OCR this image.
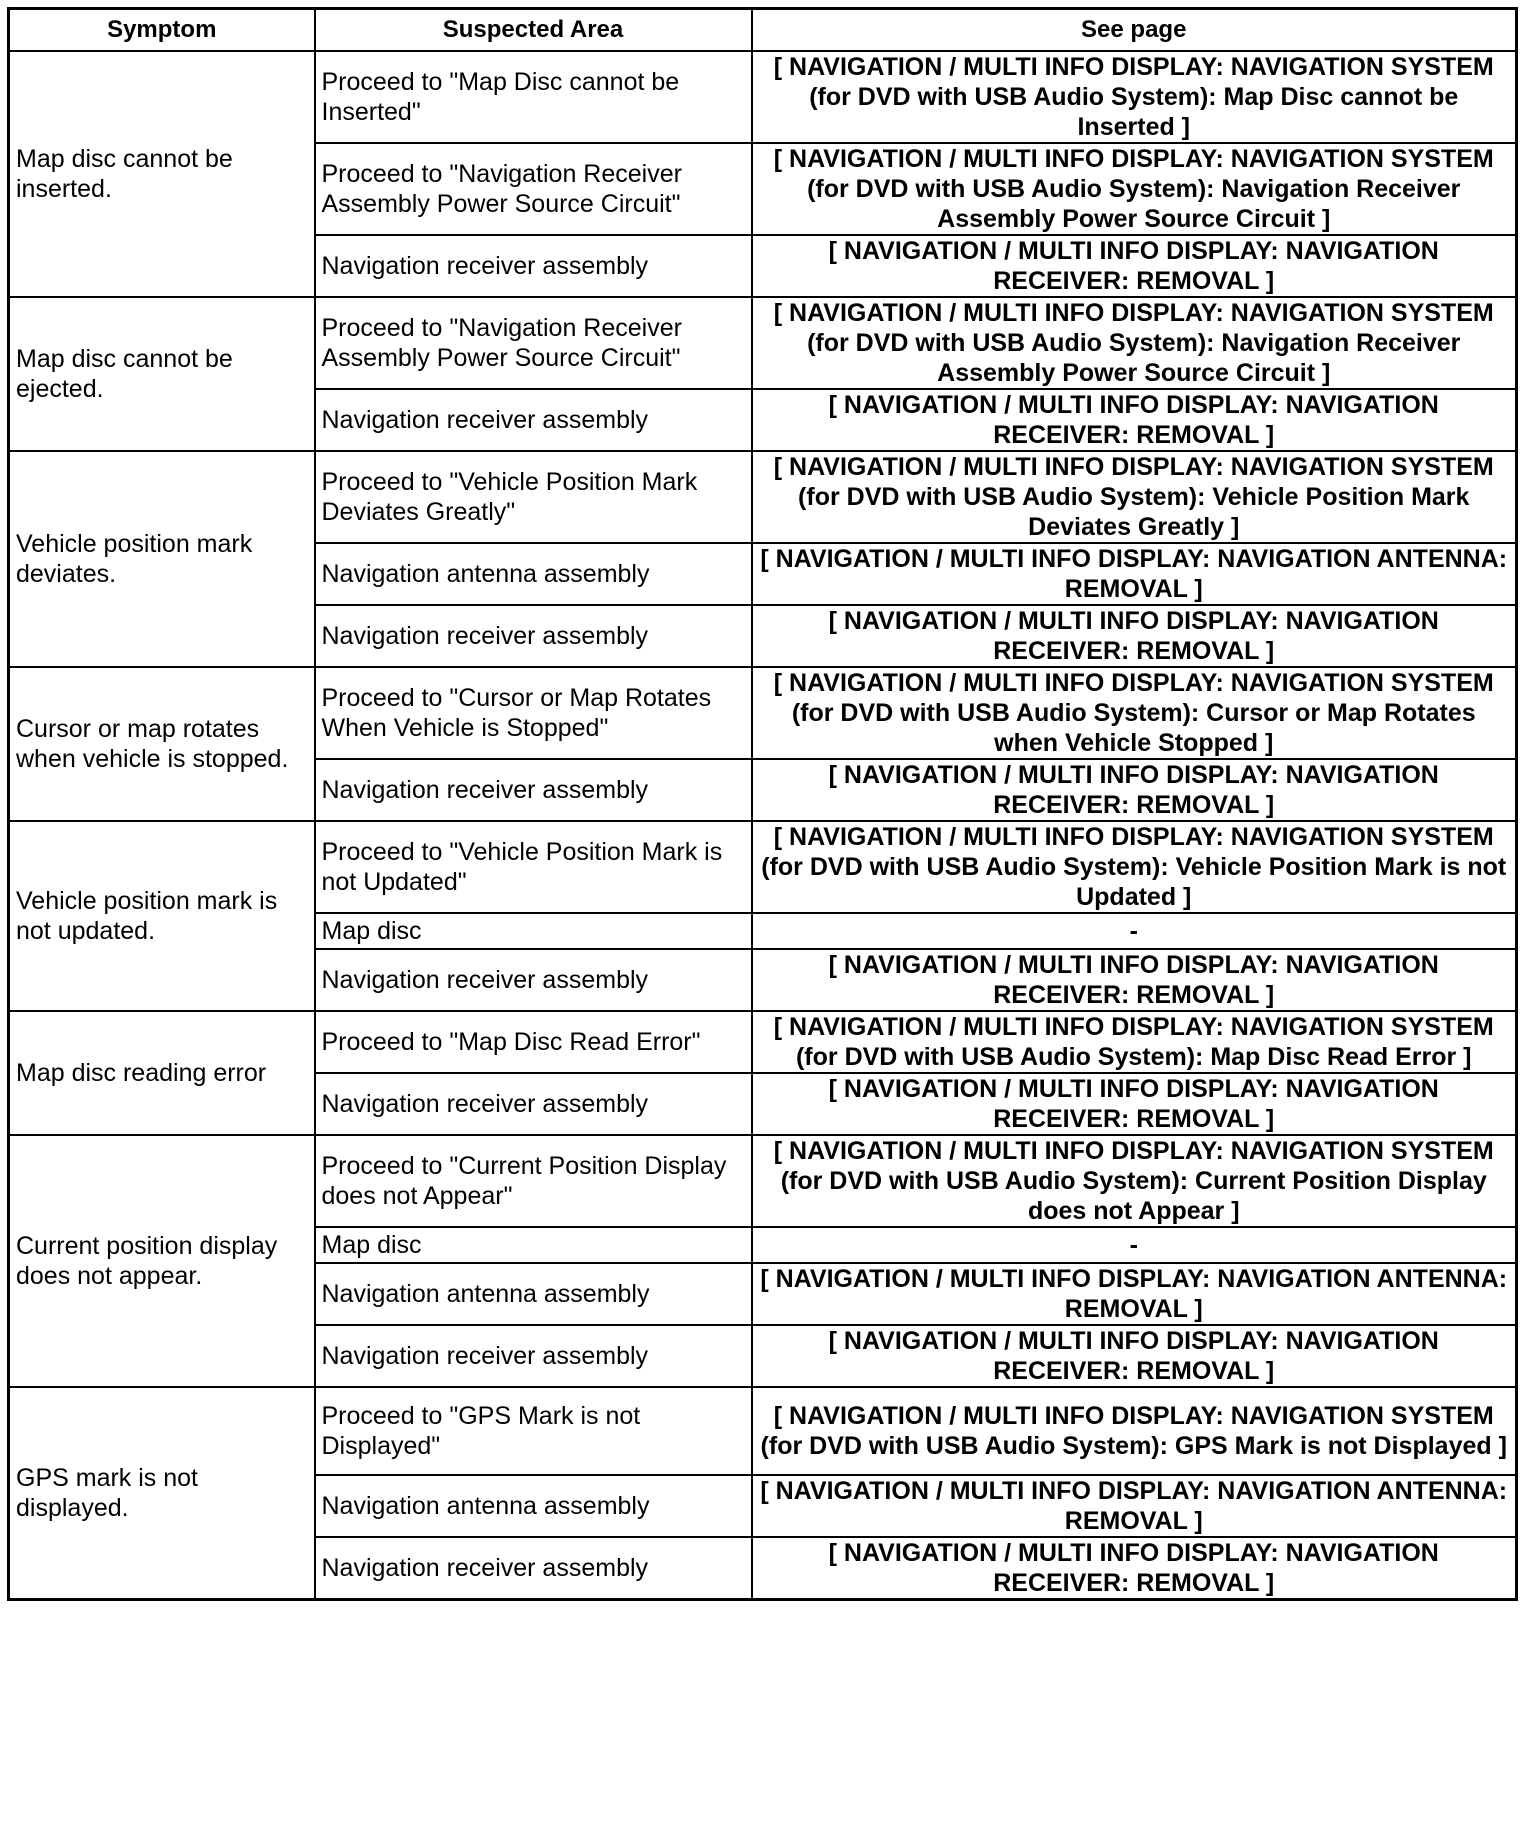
Symptom	Suspected Area	See page
Map disc cannot be inserted.	Proceed to "Map Disc cannot be Inserted"	[ NAVIGATION / MULTI INFO DISPLAY: NAVIGATION SYSTEM (for DVD with USB Audio System): Map Disc cannot be Inserted ]
	Proceed to "Navigation Receiver Assembly Power Source Circuit"	[ NAVIGATION / MULTI INFO DISPLAY: NAVIGATION SYSTEM (for DVD with USB Audio System): Navigation Receiver Assembly Power Source Circuit ]
	Navigation receiver assembly	[ NAVIGATION / MULTI INFO DISPLAY: NAVIGATION RECEIVER: REMOVAL ]
Map disc cannot be ejected.	Proceed to "Navigation Receiver Assembly Power Source Circuit"	[ NAVIGATION / MULTI INFO DISPLAY: NAVIGATION SYSTEM (for DVD with USB Audio System): Navigation Receiver Assembly Power Source Circuit ]
	Navigation receiver assembly	[ NAVIGATION / MULTI INFO DISPLAY: NAVIGATION RECEIVER: REMOVAL ]
Vehicle position mark deviates.	Proceed to "Vehicle Position Mark Deviates Greatly"	[ NAVIGATION / MULTI INFO DISPLAY: NAVIGATION SYSTEM (for DVD with USB Audio System): Vehicle Position Mark Deviates Greatly ]
	Navigation antenna assembly	[ NAVIGATION / MULTI INFO DISPLAY: NAVIGATION ANTENNA: REMOVAL ]
	Navigation receiver assembly	[ NAVIGATION / MULTI INFO DISPLAY: NAVIGATION RECEIVER: REMOVAL ]
Cursor or map rotates when vehicle is stopped.	Proceed to "Cursor or Map Rotates When Vehicle is Stopped"	[ NAVIGATION / MULTI INFO DISPLAY: NAVIGATION SYSTEM (for DVD with USB Audio System): Cursor or Map Rotates when Vehicle Stopped ]
	Navigation receiver assembly	[ NAVIGATION / MULTI INFO DISPLAY: NAVIGATION RECEIVER: REMOVAL ]
Vehicle position mark is not updated.	Proceed to "Vehicle Position Mark is not Updated"	[ NAVIGATION / MULTI INFO DISPLAY: NAVIGATION SYSTEM (for DVD with USB Audio System): Vehicle Position Mark is not Updated ]
	Map disc	-
	Navigation receiver assembly	[ NAVIGATION / MULTI INFO DISPLAY: NAVIGATION RECEIVER: REMOVAL ]
Map disc reading error	Proceed to "Map Disc Read Error"	[ NAVIGATION / MULTI INFO DISPLAY: NAVIGATION SYSTEM (for DVD with USB Audio System): Map Disc Read Error ]
	Navigation receiver assembly	[ NAVIGATION / MULTI INFO DISPLAY: NAVIGATION RECEIVER: REMOVAL ]
Current position display does not appear.	Proceed to "Current Position Display does not Appear"	[ NAVIGATION / MULTI INFO DISPLAY: NAVIGATION SYSTEM (for DVD with USB Audio System): Current Position Display does not Appear ]
	Map disc	-
	Navigation antenna assembly	[ NAVIGATION / MULTI INFO DISPLAY: NAVIGATION ANTENNA: REMOVAL ]
	Navigation receiver assembly	[ NAVIGATION / MULTI INFO DISPLAY: NAVIGATION RECEIVER: REMOVAL ]
GPS mark is not displayed.	Proceed to "GPS Mark is not Displayed"	[ NAVIGATION / MULTI INFO DISPLAY: NAVIGATION SYSTEM (for DVD with USB Audio System): GPS Mark is not Displayed ]
	Navigation antenna assembly	[ NAVIGATION / MULTI INFO DISPLAY: NAVIGATION ANTENNA: REMOVAL ]
	Navigation receiver assembly	[ NAVIGATION / MULTI INFO DISPLAY: NAVIGATION RECEIVER: REMOVAL ]
